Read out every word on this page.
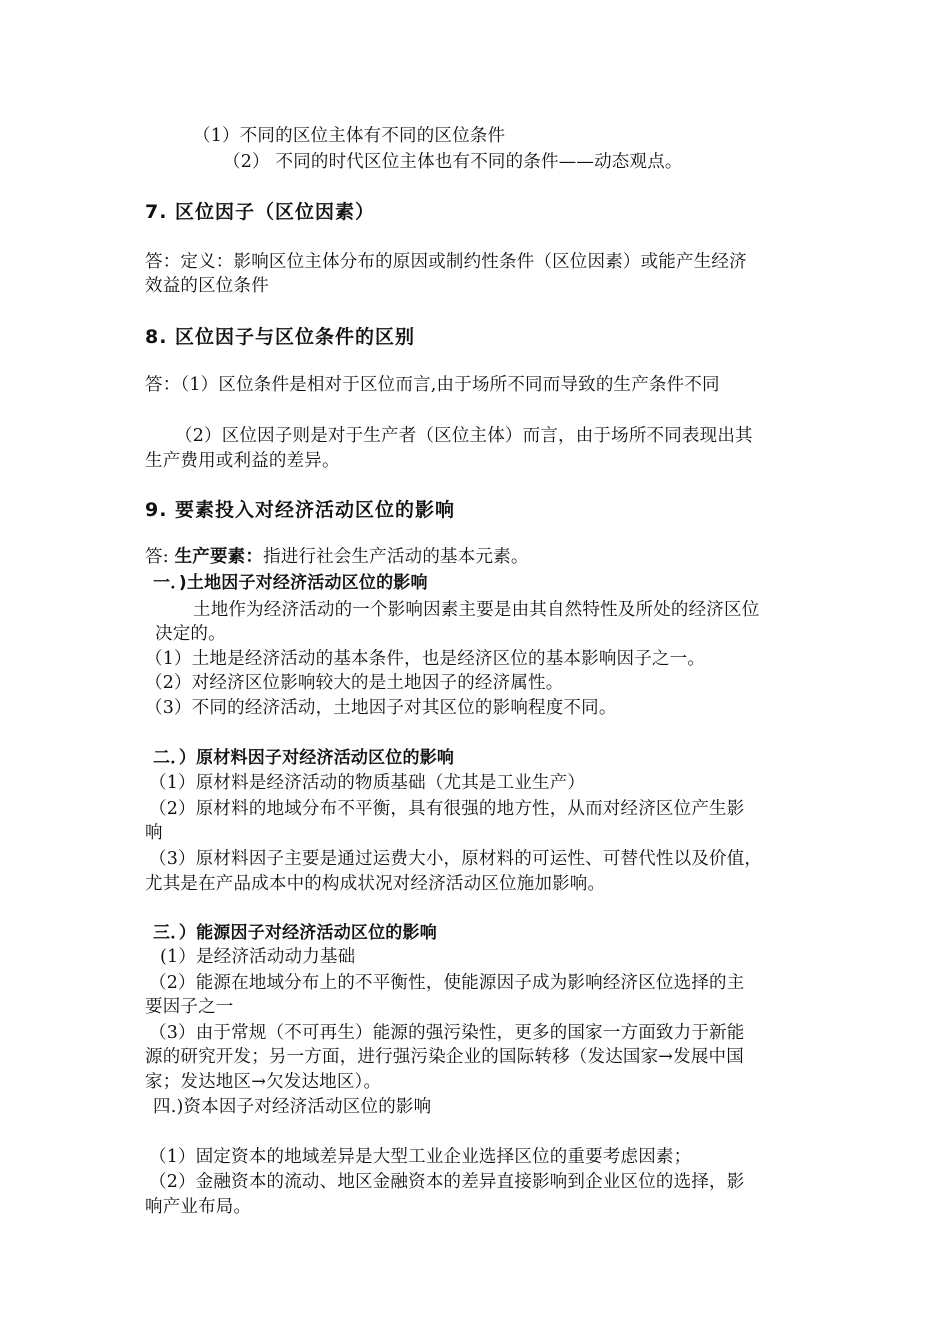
（1）不同的区位主体有不同的区位条件
（2） 不同的时代区位主体也有不同的条件——动态观点。
7. 区位因子（区位因素）
答：定义：影响区位主体分布的原因或制约性条件（区位因素）或能产生经济
效益的区位条件
8. 区位因子与区位条件的区别
答：（1）区位条件是相对于区位而言,由于场所不同而导致的生产条件不同
（2）区位因子则是对于生产者（区位主体）而言，由于场所不同表现出其
生产费用或利益的差异。
9. 要素投入对经济活动区位的影响
答: 生产要素：指进行社会生产活动的基本元素。
一．)土地因子对经济活动区位的影响
土地作为经济活动的一个影响因素主要是由其自然特性及所处的经济区位
决定的。
（1）土地是经济活动的基本条件，也是经济区位的基本影响因子之一。
（2）对经济区位影响较大的是土地因子的经济属性。
（3）不同的经济活动，土地因子对其区位的影响程度不同。
二．）原材料因子对经济活动区位的影响
（1）原材料是经济活动的物质基础（尤其是工业生产）
（2）原材料的地域分布不平衡，具有很强的地方性，从而对经济区位产生影
响
（3）原材料因子主要是通过运费大小，原材料的可运性、可替代性以及价值，
尤其是在产品成本中的构成状况对经济活动区位施加影响。
三．）能源因子对经济活动区位的影响
(1）是经济活动动力基础
（2）能源在地域分布上的不平衡性，使能源因子成为影响经济区位选择的主
要因子之一
（3）由于常规（不可再生）能源的强污染性，更多的国家一方面致力于新能
源的研究开发；另一方面，进行强污染企业的国际转移（发达国家→发展中国
家；发达地区→欠发达地区）。
四.)资本因子对经济活动区位的影响
（1）固定资本的地域差异是大型工业企业选择区位的重要考虑因素；
（2）金融资本的流动、地区金融资本的差异直接影响到企业区位的选择，影
响产业布局。
